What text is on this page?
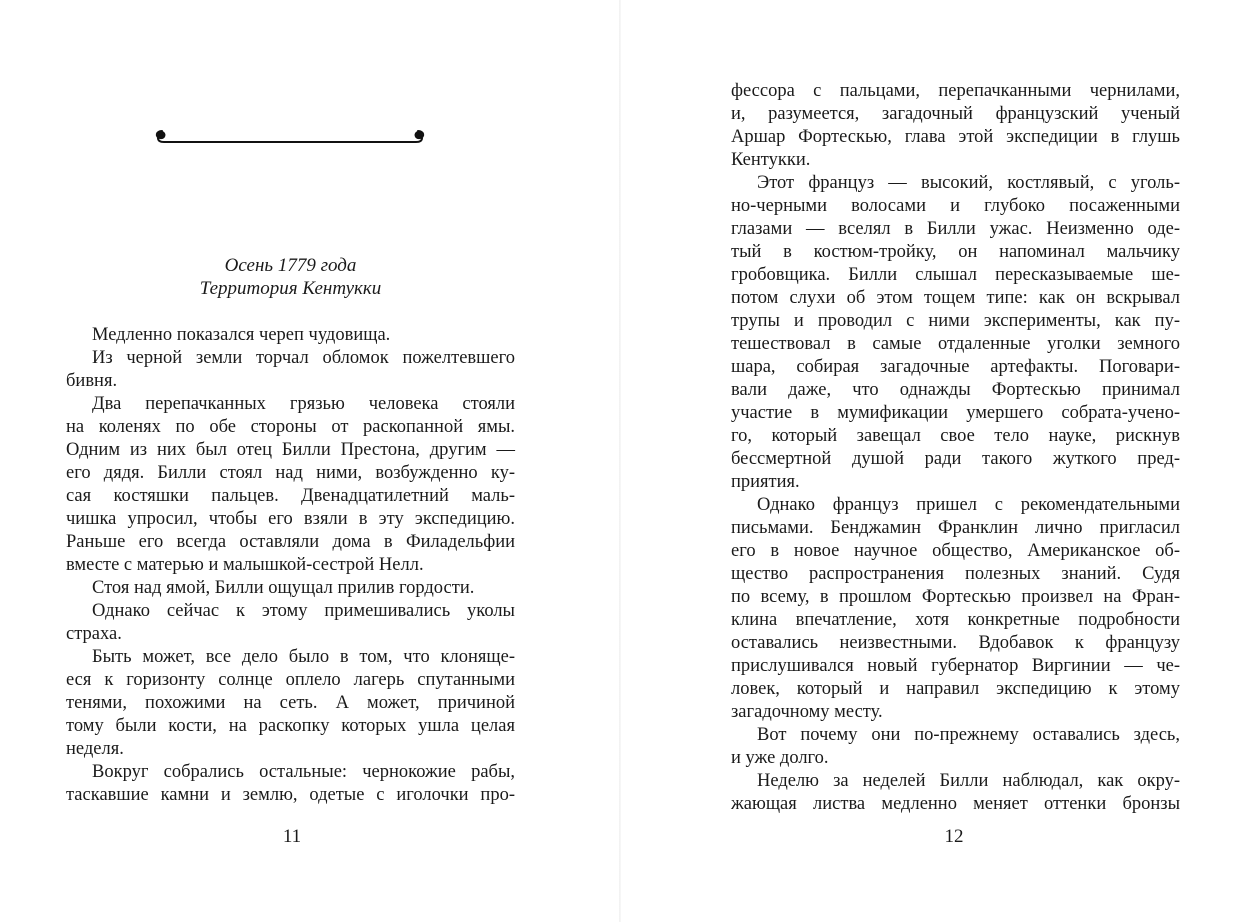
Осень 1779 года
Территория Кентукки
Медленно показался череп чудовища.
Из черной земли торчал обломок пожелтевшего
бивня.
Два перепачканных грязью человека стояли
на коленях по обе стороны от раскопанной ямы.
Одним из них был отец Билли Престона, другим —
его дядя. Билли стоял над ними, возбужденно ку-
сая костяшки пальцев. Двенадцатилетний маль-
чишка упросил, чтобы его взяли в эту экспедицию.
Раньше его всегда оставляли дома в Филадельфии
вместе с матерью и малышкой-сестрой Нелл.
Стоя над ямой, Билли ощущал прилив гордости.
Однако сейчас к этому примешивались уколы
страха.
Быть может, все дело было в том, что клоняще-
еся к горизонту солнце оплело лагерь спутанными
тенями, похожими на сеть. А может, причиной
тому были кости, на раскопку которых ушла целая
неделя.
Вокруг собрались остальные: чернокожие рабы,
таскавшие камни и землю, одетые с иголочки про-
11
фессора с пальцами, перепачканными чернилами,
и, разумеется, загадочный французский ученый
Аршар Фортескью, глава этой экспедиции в глушь
Кентукки.
Этот француз — высокий, костлявый, с уголь-
но-черными волосами и глубоко посаженными
глазами — вселял в Билли ужас. Неизменно оде-
тый в костюм-тройку, он напоминал мальчику
гробовщика. Билли слышал пересказываемые ше-
потом слухи об этом тощем типе: как он вскрывал
трупы и проводил с ними эксперименты, как пу-
тешествовал в самые отдаленные уголки земного
шара, собирая загадочные артефакты. Поговари-
вали даже, что однажды Фортескью принимал
участие в мумификации умершего собрата-учено-
го, который завещал свое тело науке, рискнув
бессмертной душой ради такого жуткого пред-
приятия.
Однако француз пришел с рекомендательными
письмами. Бенджамин Франклин лично пригласил
его в новое научное общество, Американское об-
щество распространения полезных знаний. Судя
по всему, в прошлом Фортескью произвел на Фран-
клина впечатление, хотя конкретные подробности
оставались неизвестными. Вдобавок к французу
прислушивался новый губернатор Виргинии — че-
ловек, который и направил экспедицию к этому
загадочному месту.
Вот почему они по-прежнему оставались здесь,
и уже долго.
Неделю за неделей Билли наблюдал, как окру-
жающая листва медленно меняет оттенки бронзы
12
